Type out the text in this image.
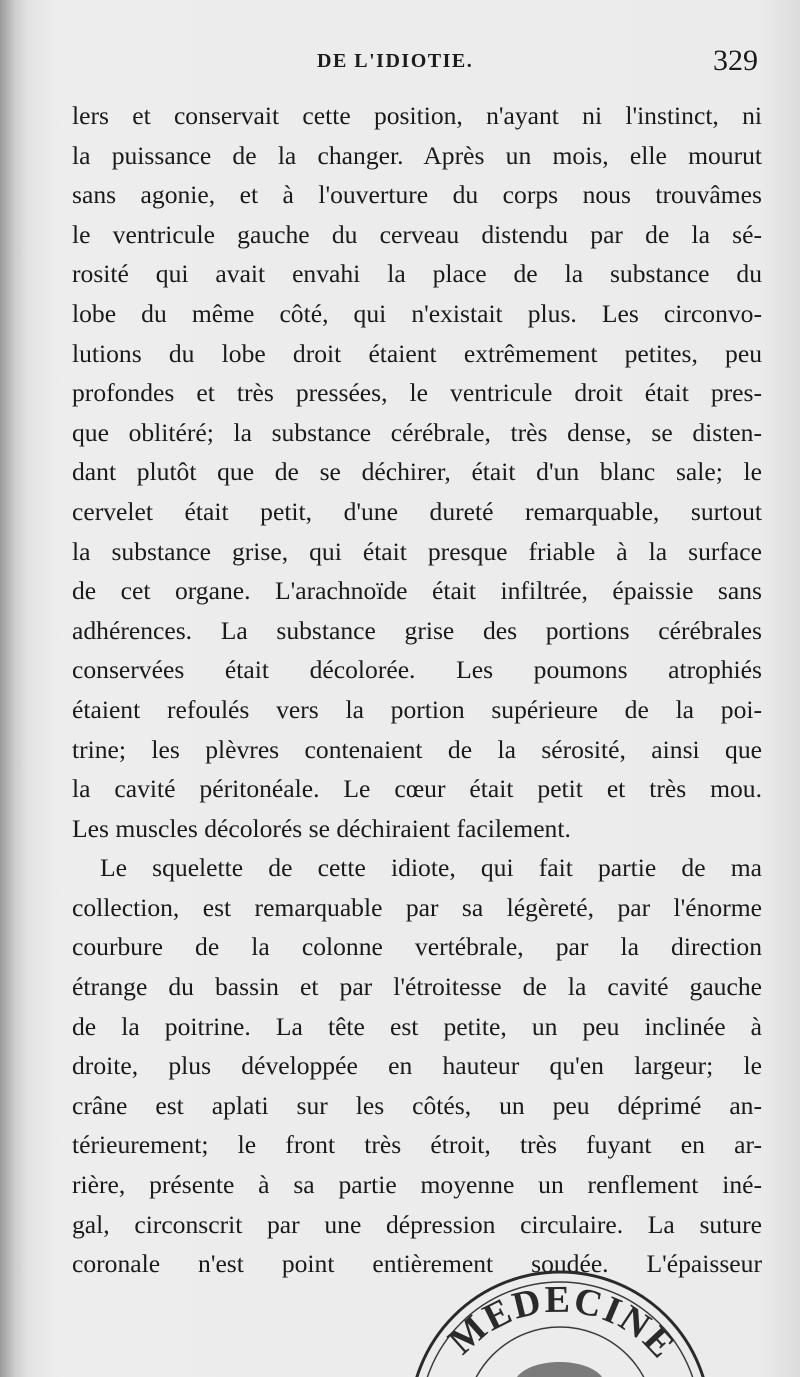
DE L'IDIOTIE.	329
lers et conservait cette position, n'ayant ni l'instinct, ni
la puissance de la changer. Après un mois, elle mourut
sans agonie, et à l'ouverture du corps nous trouvâmes
le ventricule gauche du cerveau distendu par de la sé-
rosité qui avait envahi la place de la substance du
lobe du même côté, qui n'existait plus. Les circonvo-
lutions du lobe droit étaient extrêmement petites, peu
profondes et très pressées, le ventricule droit était pres-
que oblitéré; la substance cérébrale, très dense, se disten-
dant plutôt que de se déchirer, était d'un blanc sale; le
cervelet était petit, d'une dureté remarquable, surtout
la substance grise, qui était presque friable à la surface
de cet organe. L'arachnoïde était infiltrée, épaissie sans
adhérences. La substance grise des portions cérébrales
conservées était décolorée. Les poumons atrophiés
étaient refoulés vers la portion supérieure de la poi-
trine; les plèvres contenaient de la sérosité, ainsi que
la cavité péritonéale. Le cœur était petit et très mou.
Les muscles décolorés se déchiraient facilement.
Le squelette de cette idiote, qui fait partie de ma
collection, est remarquable par sa légèreté, par l'énorme
courbure de la colonne vertébrale, par la direction
étrange du bassin et par l'étroitesse de la cavité gauche
de la poitrine. La tête est petite, un peu inclinée à
droite, plus développée en hauteur qu'en largeur; le
crâne est aplati sur les côtés, un peu déprimé an-
térieurement; le front très étroit, très fuyant en ar-
rière, présente à sa partie moyenne un renflement iné-
gal, circonscrit par une dépression circulaire. La suture
coronale n'est point entièrement soudée. L'épaisseur
MEDECINE
